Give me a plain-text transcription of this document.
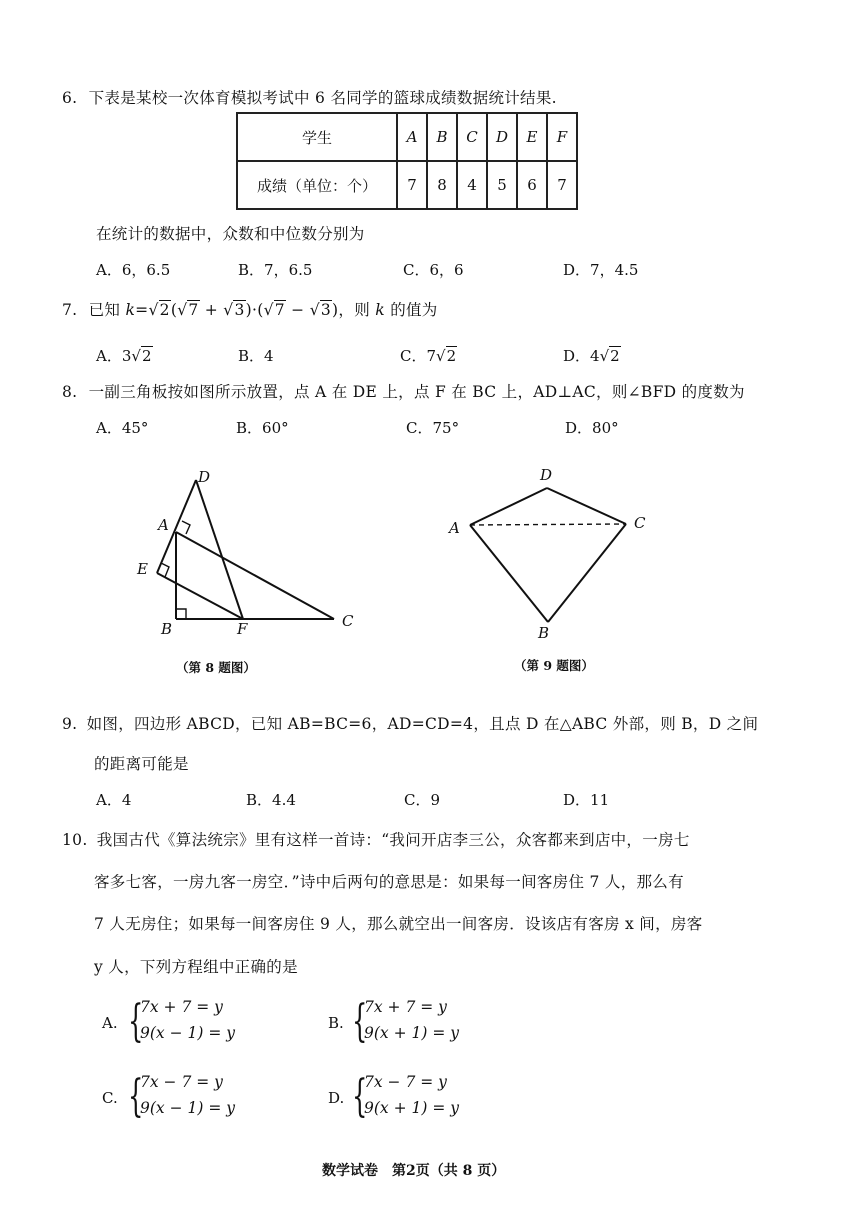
6. 下表是某校一次体育模拟考试中 6 名同学的篮球成绩数据统计结果.
学生	A	B	C	D	E	F
成绩（单位：个）	7	8	4	5	6	7
在统计的数据中，众数和中位数分别为
A．6，6.5	B．7，6.5	C．6，6	D．7，4.5
7. 已知 k=√2(√7 + √3)·(√7 − √3)，则 k 的值为
A．3√2	B．4	C．7√2	D．4√2
8. 一副三角板按如图所示放置，点 A 在 DE 上，点 F 在 BC 上，AD⊥AC，则∠BFD 的度数为
A．45°	B．60°	C．75°	D．80°
D
A
E
B	F	C
（第 8 题图）
D
A	C
B
（第 9 题图）
9. 如图，四边形 ABCD，已知 AB=BC=6，AD=CD=4，且点 D 在△ABC 外部，则 B，D 之间
的距离可能是
A．4	B．4.4	C．9	D．11
10. 我国古代《算法统宗》里有这样一首诗：“我问开店李三公，众客都来到店中，一房七
客多七客，一房九客一房空．”诗中后两句的意思是：如果每一间客房住 7 人，那么有
7 人无房住；如果每一间客房住 9 人，那么就空出一间客房．设该店有客房 x 间，房客
y 人，下列方程组中正确的是
A. {
7x + 7 = y
9(x − 1) = y
B. {
7x + 7 = y
9(x + 1) = y
C. {
7x − 7 = y
9(x − 1) = y
D. {
7x − 7 = y
9(x + 1) = y
数学试卷　第2页（共 8 页）
